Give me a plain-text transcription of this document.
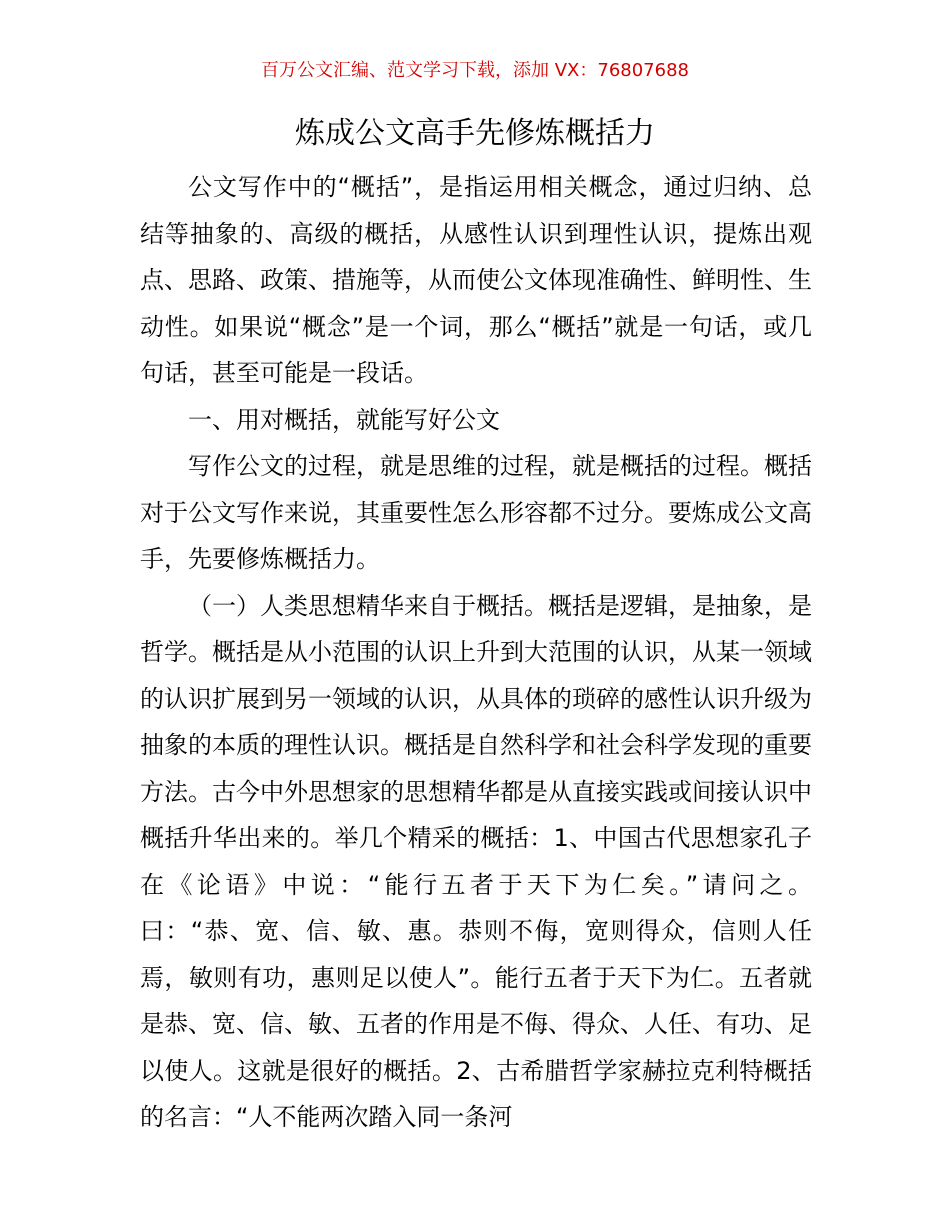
百万公文汇编、范文学习下载，添加 VX：76807688
炼成公文高手先修炼概括力

公文写作中的“概括”，是指运用相关概念，通过归纳、总结等抽象的、高级的概括，从感性认识到理性认识，提炼出观点、思路、政策、措施等，从而使公文体现准确性、鲜明性、生动性。如果说“概念”是一个词，那么“概括”就是一句话，或几句话，甚至可能是一段话。

一、用对概括，就能写好公文

写作公文的过程，就是思维的过程，就是概括的过程。概括对于公文写作来说，其重要性怎么形容都不过分。要炼成公文高手，先要修炼概括力。

（一）人类思想精华来自于概括。概括是逻辑，是抽象，是哲学。概括是从小范围的认识上升到大范围的认识，从某一领域的认识扩展到另一领域的认识，从具体的琐碎的感性认识升级为抽象的本质的理性认识。概括是自然科学和社会科学发现的重要方法。古今中外思想家的思想精华都是从直接实践或间接认识中概括升华出来的。举几个精采的概括：1、中国古代思想家孔子在《论语》中说：“能行五者于天下为仁矣。”请问之。曰：“恭、宽、信、敏、惠。恭则不侮，宽则得众，信则人任焉，敏则有功，惠则足以使人”。能行五者于天下为仁。五者就是恭、宽、信、敏、五者的作用是不侮、得众、人任、有功、足以使人。这就是很好的概括。2、古希腊哲学家赫拉克利特概括的名言：“人不能两次踏入同一条河
